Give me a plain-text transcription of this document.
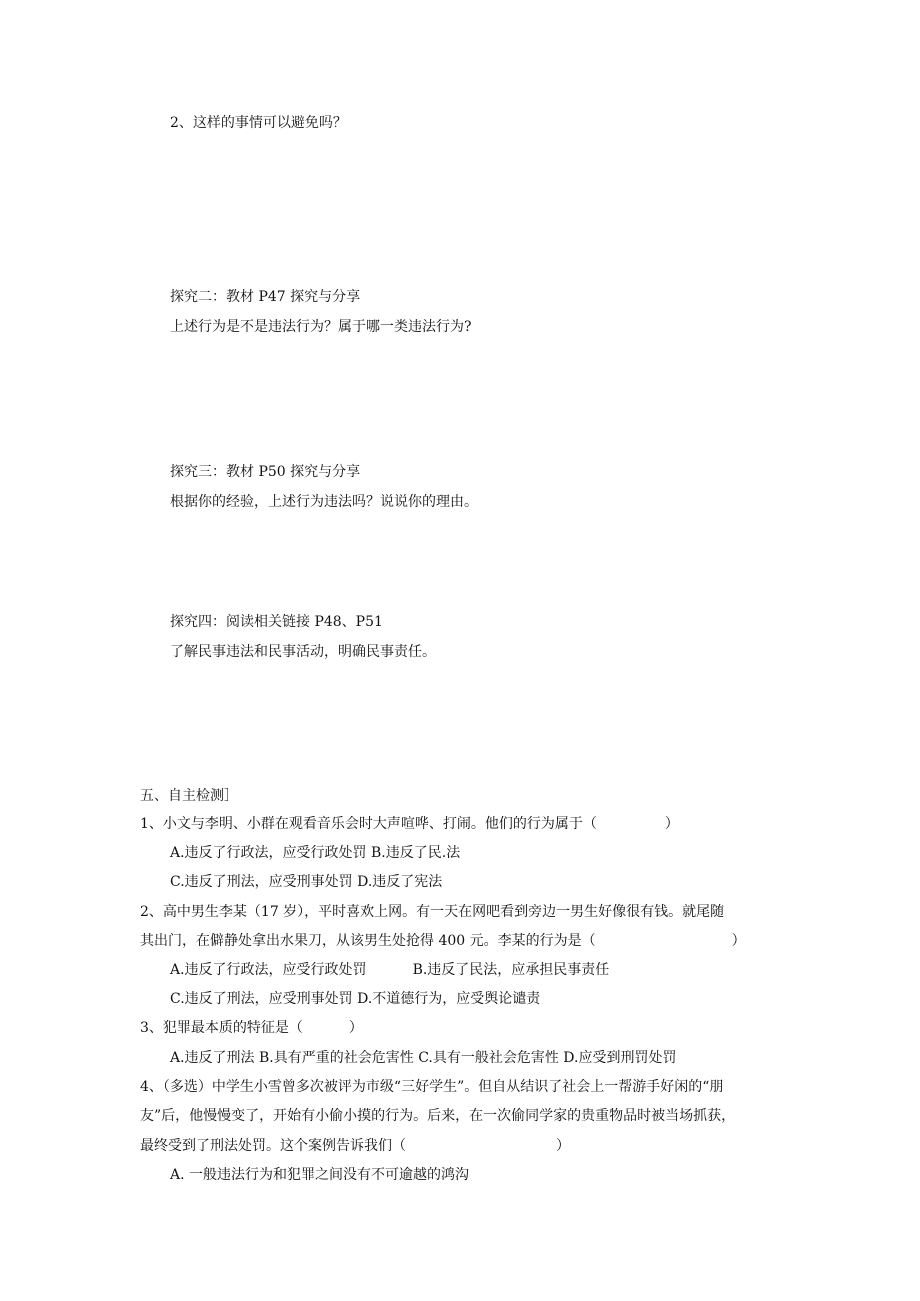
2、这样的事情可以避免吗？
探究二：教材 P47 探究与分享
上述行为是不是违法行为？属于哪一类违法行为?
探究三：教材 P50 探究与分享
根据你的经验，上述行为违法吗？说说你的理由。
探究四：阅读相关链接 P48、P51
了解民事违法和民事活动，明确民事责任。
五、自主检测］
1、小文与李明、小群在观看音乐会时大声喧哗、打闹。他们的行为属于（	）
A.违反了行政法，应受行政处罚 B.违反了民.法
C.违反了刑法，应受刑事处罚 D.违反了宪法
2、高中男生李某（17 岁），平时喜欢上网。有一天在网吧看到旁边一男生好像很有钱。就尾随
其出门，在僻静处拿出水果刀，从该男生处抢得 400 元。李某的行为是（	）
A.违反了行政法，应受行政处罚	B.违反了民法，应承担民事责任
C.违反了刑法，应受刑事处罚 D.不道德行为，应受舆论谴责
3、犯罪最本质的特征是（	）
A.违反了刑法 B.具有严重的社会危害性 C.具有一般社会危害性 D.应受到刑罚处罚
4、（多选）中学生小雪曾多次被评为市级“三好学生”。但自从结识了社会上一帮游手好闲的“朋
友”后，他慢慢变了，开始有小偷小摸的行为。后来，在一次偷同学家的贵重物品时被当场抓获，
最终受到了刑法处罚。这个案例告诉我们（	）
A. 一般违法行为和犯罪之间没有不可逾越的鸿沟
